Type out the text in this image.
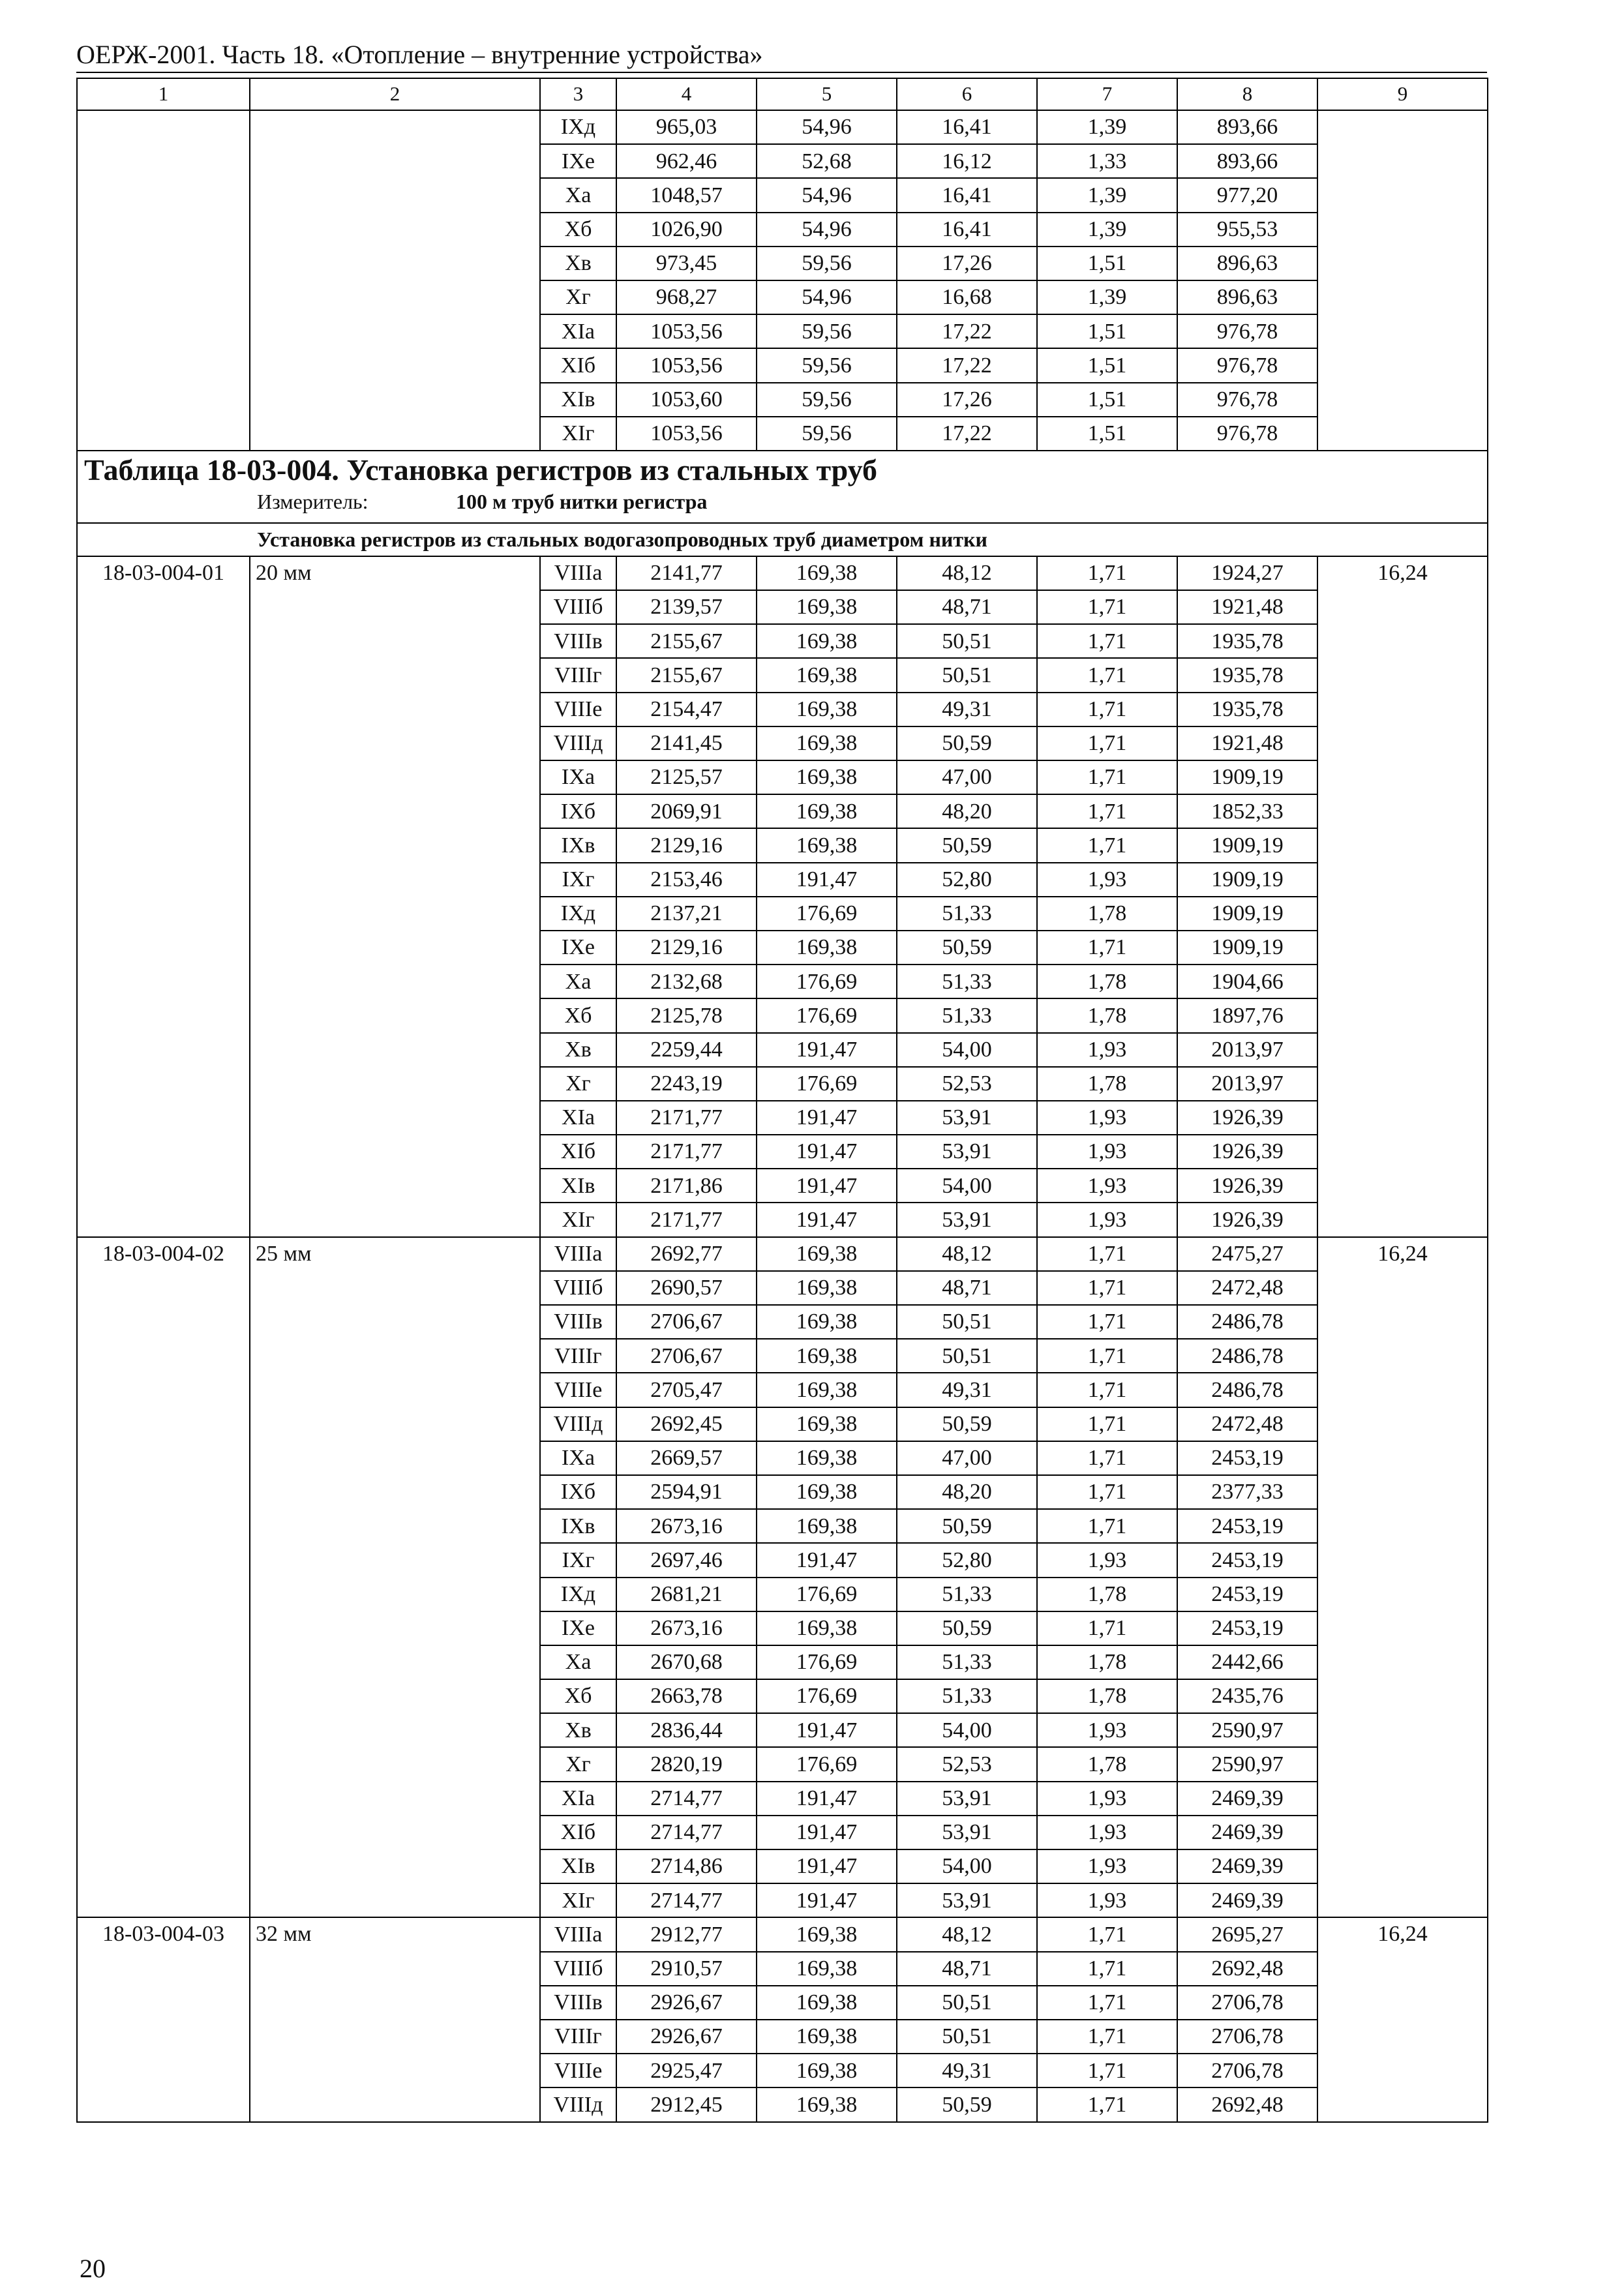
ОЕРЖ-2001. Часть 18. «Отопление – внутренние устройства»
1	2	3	4	5	6	7	8	9
		IXд	965,03	54,96	16,41	1,39	893,66	
		IXе	962,46	52,68	16,12	1,33	893,66	
		Xа	1048,57	54,96	16,41	1,39	977,20	
		Xб	1026,90	54,96	16,41	1,39	955,53	
		Xв	973,45	59,56	17,26	1,51	896,63	
		Xг	968,27	54,96	16,68	1,39	896,63	
		XIа	1053,56	59,56	17,22	1,51	976,78	
		XIб	1053,56	59,56	17,22	1,51	976,78	
		XIв	1053,60	59,56	17,26	1,51	976,78	
		XIг	1053,56	59,56	17,22	1,51	976,78	

Таблица 18-03-004. Установка регистров из стальных труб
Измеритель: 100 м труб нитки регистра								

Установка регистров из стальных водогазопроводных труб диаметром нитки								
18-03-004-01	20 мм	VIIIа	2141,77	169,38	48,12	1,71	1924,27	16,24
		VIIIб	2139,57	169,38	48,71	1,71	1921,48	
		VIIIв	2155,67	169,38	50,51	1,71	1935,78	
		VIIIг	2155,67	169,38	50,51	1,71	1935,78	
		VIIIе	2154,47	169,38	49,31	1,71	1935,78	
		VIIIд	2141,45	169,38	50,59	1,71	1921,48	
		IXа	2125,57	169,38	47,00	1,71	1909,19	
		IXб	2069,91	169,38	48,20	1,71	1852,33	
		IXв	2129,16	169,38	50,59	1,71	1909,19	
		IXг	2153,46	191,47	52,80	1,93	1909,19	
		IXд	2137,21	176,69	51,33	1,78	1909,19	
		IXе	2129,16	169,38	50,59	1,71	1909,19	
		Xа	2132,68	176,69	51,33	1,78	1904,66	
		Xб	2125,78	176,69	51,33	1,78	1897,76	
		Xв	2259,44	191,47	54,00	1,93	2013,97	
		Xг	2243,19	176,69	52,53	1,78	2013,97	
		XIа	2171,77	191,47	53,91	1,93	1926,39	
		XIб	2171,77	191,47	53,91	1,93	1926,39	
		XIв	2171,86	191,47	54,00	1,93	1926,39	
		XIг	2171,77	191,47	53,91	1,93	1926,39	
18-03-004-02	25 мм	VIIIа	2692,77	169,38	48,12	1,71	2475,27	16,24
		VIIIб	2690,57	169,38	48,71	1,71	2472,48	
		VIIIв	2706,67	169,38	50,51	1,71	2486,78	
		VIIIг	2706,67	169,38	50,51	1,71	2486,78	
		VIIIе	2705,47	169,38	49,31	1,71	2486,78	
		VIIIд	2692,45	169,38	50,59	1,71	2472,48	
		IXа	2669,57	169,38	47,00	1,71	2453,19	
		IXб	2594,91	169,38	48,20	1,71	2377,33	
		IXв	2673,16	169,38	50,59	1,71	2453,19	
		IXг	2697,46	191,47	52,80	1,93	2453,19	
		IXд	2681,21	176,69	51,33	1,78	2453,19	
		IXе	2673,16	169,38	50,59	1,71	2453,19	
		Xа	2670,68	176,69	51,33	1,78	2442,66	
		Xб	2663,78	176,69	51,33	1,78	2435,76	
		Xв	2836,44	191,47	54,00	1,93	2590,97	
		Xг	2820,19	176,69	52,53	1,78	2590,97	
		XIа	2714,77	191,47	53,91	1,93	2469,39	
		XIб	2714,77	191,47	53,91	1,93	2469,39	
		XIв	2714,86	191,47	54,00	1,93	2469,39	
		XIг	2714,77	191,47	53,91	1,93	2469,39	
18-03-004-03	32 мм	VIIIа	2912,77	169,38	48,12	1,71	2695,27	16,24
		VIIIб	2910,57	169,38	48,71	1,71	2692,48	
		VIIIв	2926,67	169,38	50,51	1,71	2706,78	
		VIIIг	2926,67	169,38	50,51	1,71	2706,78	
		VIIIе	2925,47	169,38	49,31	1,71	2706,78	
		VIIIд	2912,45	169,38	50,59	1,71	2692,48	
20
